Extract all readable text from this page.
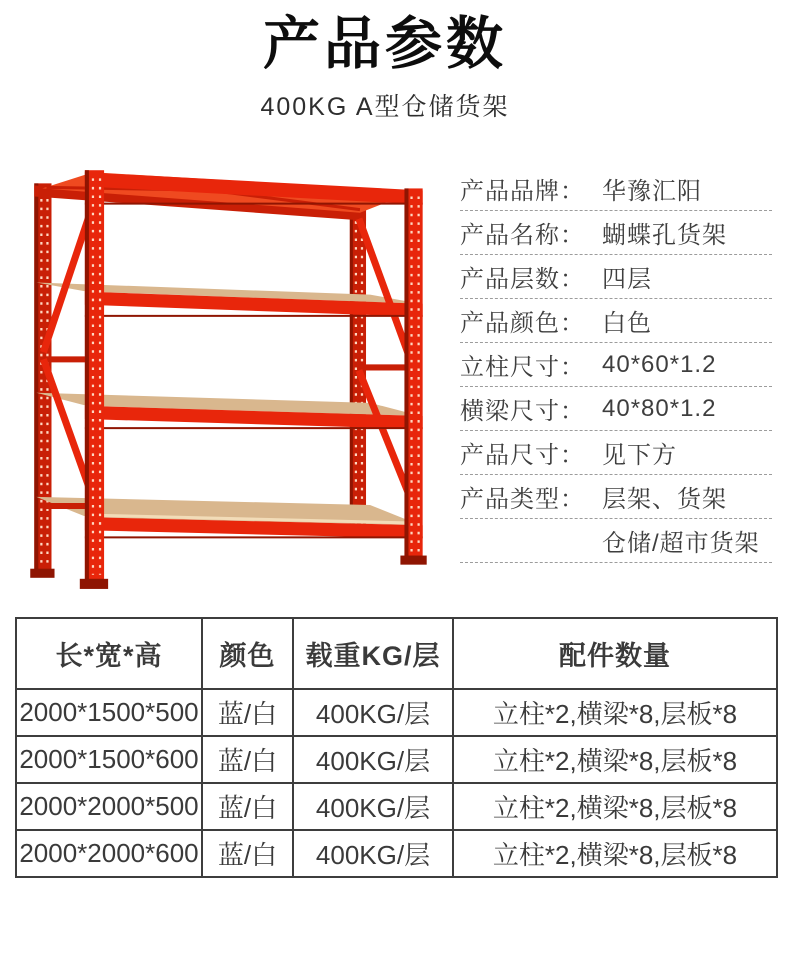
产品参数
400KG A型仓储货架
产品品牌： 华豫汇阳
产品名称： 蝴蝶孔货架
产品层数： 四层
产品颜色： 白色
立柱尺寸： 40*60*1.2
横梁尺寸： 40*80*1.2
产品尺寸： 见下方
产品类型： 层架、货架
仓储/超市货架
长*宽*高	颜色	载重KG/层	配件数量
2000*1500*500	蓝/白	400KG/层	立柱*2,横梁*8,层板*8
2000*1500*600	蓝/白	400KG/层	立柱*2,横梁*8,层板*8
2000*2000*500	蓝/白	400KG/层	立柱*2,横梁*8,层板*8
2000*2000*600	蓝/白	400KG/层	立柱*2,横梁*8,层板*8
